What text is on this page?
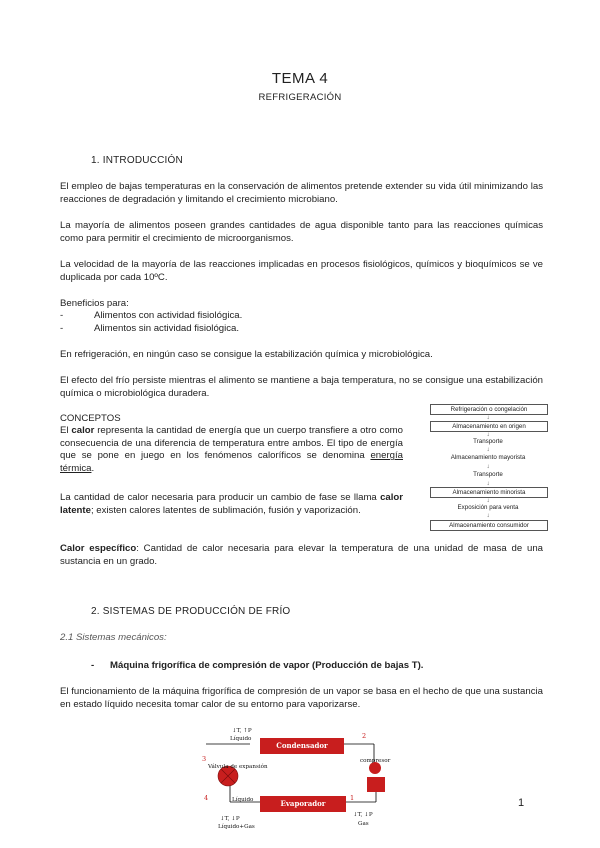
TEMA 4
REFRIGERACIÓN
1. INTRODUCCIÓN
El empleo de bajas temperaturas en la conservación de alimentos pretende extender su vida útil minimizando las reacciones de degradación y limitando el crecimiento microbiano.
La mayoría de alimentos poseen grandes cantidades de agua disponible tanto para las reacciones químicas como para permitir el crecimiento de microorganismos.
La velocidad de la mayoría de las reacciones implicadas en procesos fisiológicos, químicos y bioquímicos se ve duplicada por cada 10ºC.
Beneficios para:
-	Alimentos con actividad fisiológica.
-	Alimentos sin actividad fisiológica.
En refrigeración, en ningún caso se consigue la estabilización química y microbiológica.
El efecto del frío persiste mientras el alimento se mantiene a baja temperatura, no se consigue una estabilización química o microbiológica duradera.
CONCEPTOS
El calor representa la cantidad de energía que un cuerpo transfiere a otro como consecuencia de una diferencia de temperatura entre ambos. El tipo de energía que se pone en juego en los fenómenos caloríficos se denomina energía térmica.
La cantidad de calor necesaria para producir un cambio de fase se llama calor latente; existen calores latentes de sublimación, fusión y vaporización.
Calor específico: Cantidad de calor necesaria para elevar la temperatura de una unidad de masa de una sustancia en un grado.
Refrigeración o congelación
↓
Almacenamiento en origen
↓
Transporte
↓
Almacenamiento mayorista
↓
Transporte
↓
Almacenamiento minorista
↓
Exposición para venta
↓
Almacenamiento consumidor
2. SISTEMAS DE PRODUCCIÓN DE FRÍO
2.1 Sistemas mecánicos:
- Máquina frigorífica de compresión de vapor (Producción de bajas T).
El funcionamiento de la máquina frigorífica de compresión de un vapor se basa en el hecho de que una sustancia en estado líquido necesita tomar calor de su entorno para vaporizarse.
Condensador
Evaporador
↓T, ↑P
Líquido
Válvula de expansión
compresor
Líquido
↓T, ↓P
Líquido+Gas
↓T, ↓P
Gas
2
3
4	1	1
